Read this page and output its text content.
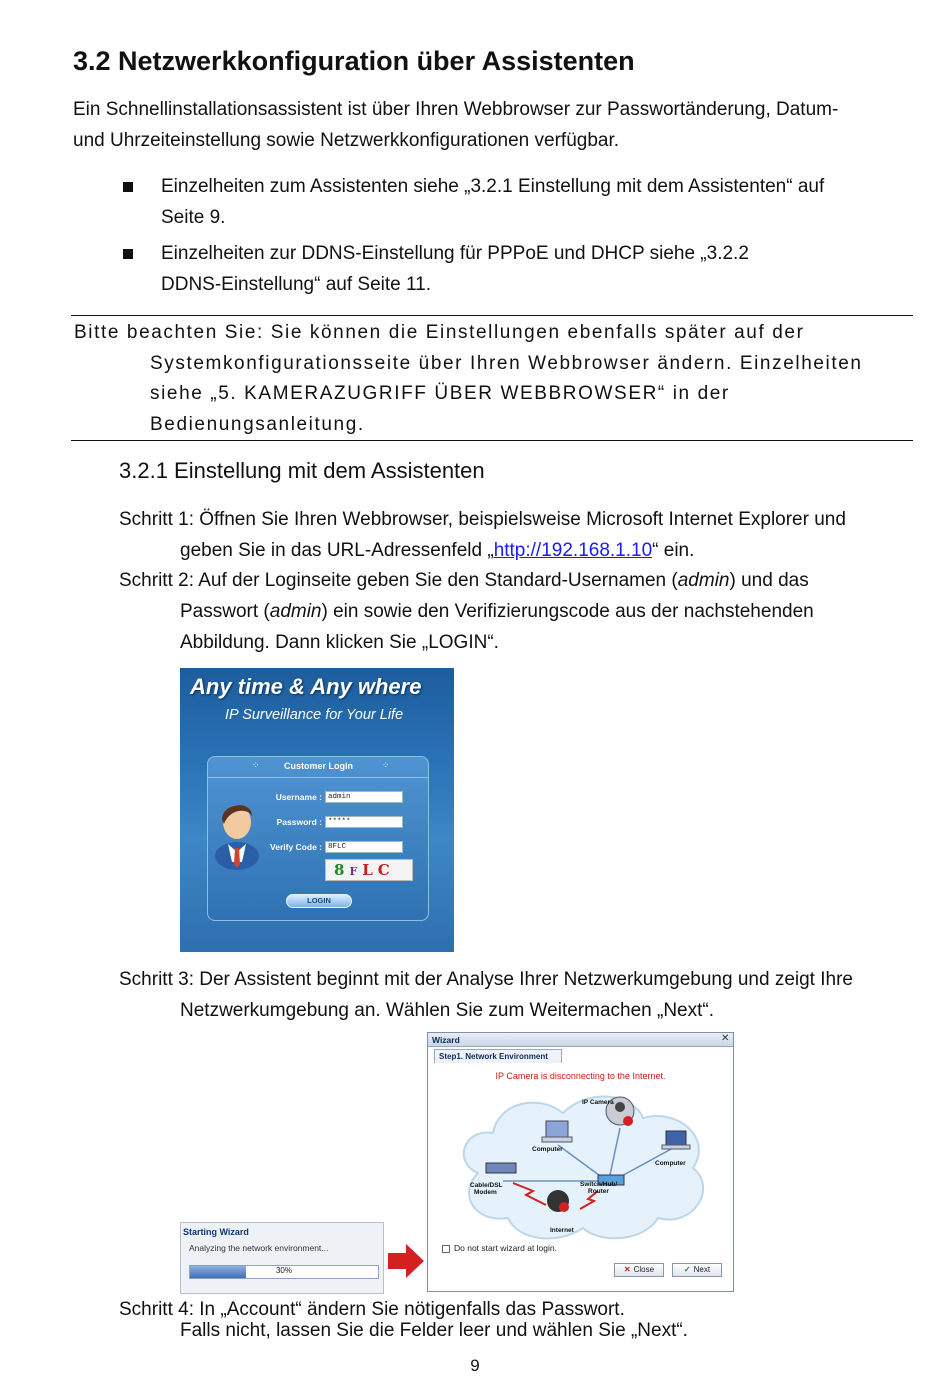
3.2 Netzwerkkonfiguration über Assistenten
Ein Schnellinstallationsassistent ist über Ihren Webbrowser zur Passwortänderung, Datum-
und Uhrzeiteinstellung sowie Netzwerkkonfigurationen verfügbar.
Einzelheiten zum Assistenten siehe „3.2.1 Einstellung mit dem Assistenten“ auf
Seite 9.
Einzelheiten zur DDNS-Einstellung für PPPoE und DHCP siehe „3.2.2
DDNS-Einstellung“ auf Seite 11.
Bitte beachten Sie: Sie können die Einstellungen ebenfalls später auf der
Systemkonfigurationsseite über Ihren Webbrowser ändern. Einzelheiten
siehe „5. KAMERAZUGRIFF ÜBER WEBBROWSER“ in der
Bedienungsanleitung.
3.2.1 Einstellung mit dem Assistenten
Schritt 1: Öffnen Sie Ihren Webbrowser, beispielsweise Microsoft Internet Explorer und
geben Sie in das URL-Adressenfeld „http://192.168.1.10“ ein.
Schritt 2: Auf der Loginseite geben Sie den Standard-Usernamen (admin) und das
Passwort (admin) ein sowie den Verifizierungscode aus der nachstehenden
Abbildung. Dann klicken Sie „LOGIN“.
Any time & Any where
IP Surveillance for Your Life
⁘	Customer Login	⁘
Username : admin
Password : *****
Verify Code : 8FLC
8FLC
LOGIN
Schritt 3: Der Assistent beginnt mit der Analyse Ihrer Netzwerkumgebung und zeigt Ihre
Netzwerkumgebung an. Wählen Sie zum Weitermachen „Next“.
Starting Wizard
Analyzing the network environment...
30%
Wizard	✕
Step1. Network Environment
IP Camera is disconnecting to the Internet.
IP Camera
Computer
Computer
Cable/DSL
Modem
Switch/Hub/
Router
Internet
Do not start wizard at login.
✕ Close	✓ Next
Schritt 4: In „Account“ ändern Sie nötigenfalls das Passwort.
Falls nicht, lassen Sie die Felder leer und wählen Sie „Next“.
9
